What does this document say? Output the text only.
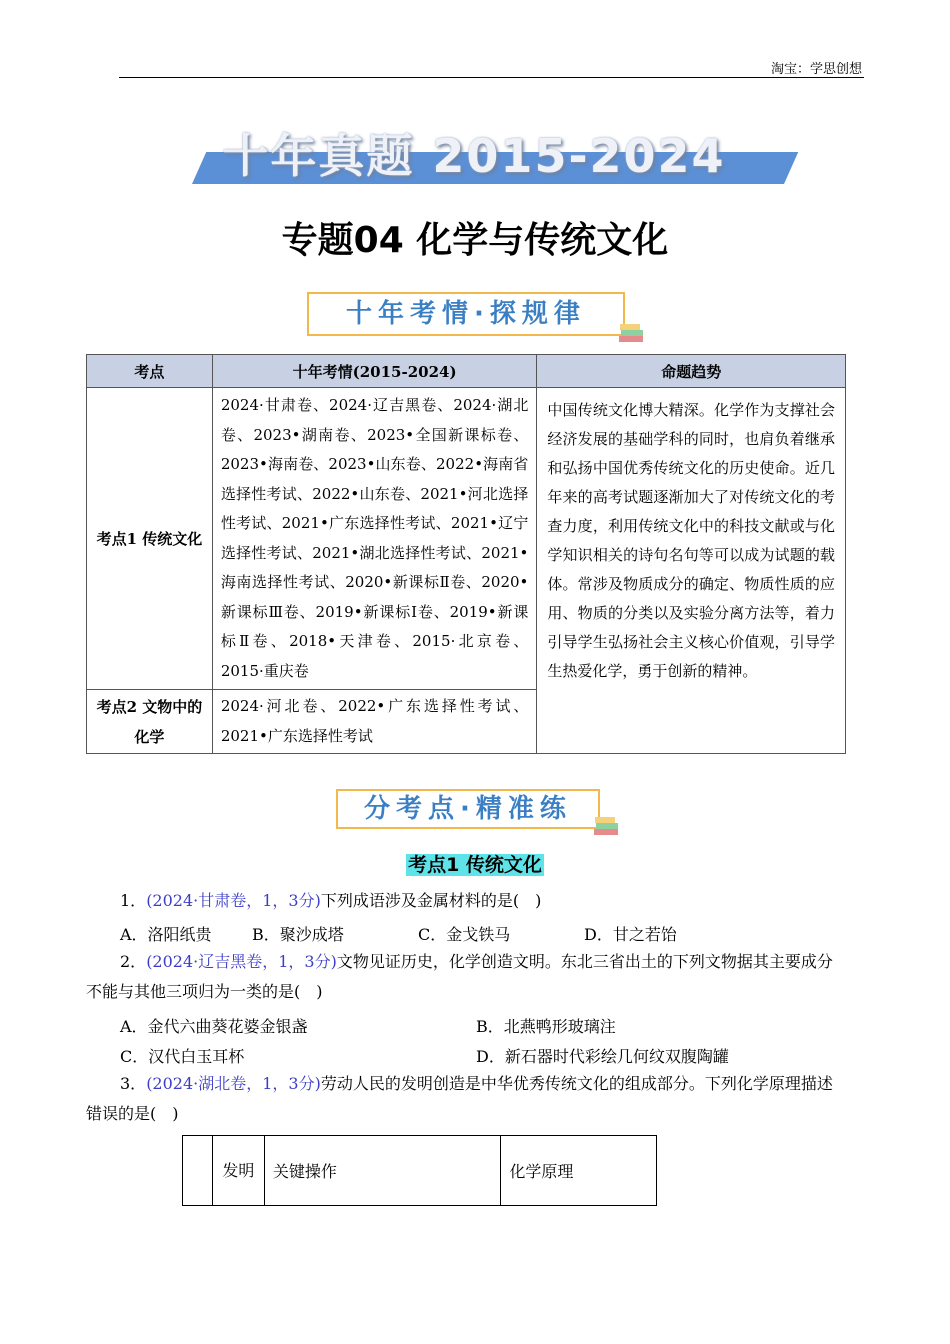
淘宝：学思创想
十年真题 2015-2024
专题04 化学与传统文化
十年考情·探规律
考点	十年考情(2015-2024)	命题趋势
考点1 传统文化	2024·甘肃卷、2024·辽吉黑卷、2024·湖北卷、2023•湖南卷、2023•全国新课标卷、2023•海南卷、2023•山东卷、2022•海南省选择性考试、2022•山东卷、2021•河北选择性考试、2021•广东选择性考试、2021•辽宁选择性考试、2021•湖北选择性考试、2021•海南选择性考试、2020•新课标Ⅱ卷、2020•新课标Ⅲ卷、2019•新课标Ⅰ卷、2019•新课标Ⅱ卷、2018•天津卷、2015·北京卷、2015·重庆卷	中国传统文化博大精深。化学作为支撑社会经济发展的基础学科的同时，也肩负着继承和弘扬中国优秀传统文化的历史使命。近几年来的高考试题逐渐加大了对传统文化的考查力度，利用传统文化中的科技文献或与化学知识相关的诗句名句等可以成为试题的载体。常涉及物质成分的确定、物质性质的应用、物质的分类以及实验分离方法等，着力引导学生弘扬社会主义核心价值观，引导学生热爱化学，勇于创新的精神。
考点2 文物中的化学	2024·河北卷、2022•广东选择性考试、2021•广东选择性考试	
分考点·精准练
考点1 传统文化
1．(2024·甘肃卷，1，3分)下列成语涉及金属材料的是(　)
A．洛阳纸贵	B．聚沙成塔	C．金戈铁马	D．甘之若饴
2．(2024·辽吉黑卷，1，3分)文物见证历史，化学创造文明。东北三省出土的下列文物据其主要成分
不能与其他三项归为一类的是(　)
A．金代六曲葵花婆金银盏	B．北燕鸭形玻璃注
C．汉代白玉耳杯	D．新石器时代彩绘几何纹双腹陶罐
3．(2024·湖北卷，1，3分)劳动人民的发明创造是中华优秀传统文化的组成部分。下列化学原理描述
错误的是(　)
	发明	关键操作	化学原理
